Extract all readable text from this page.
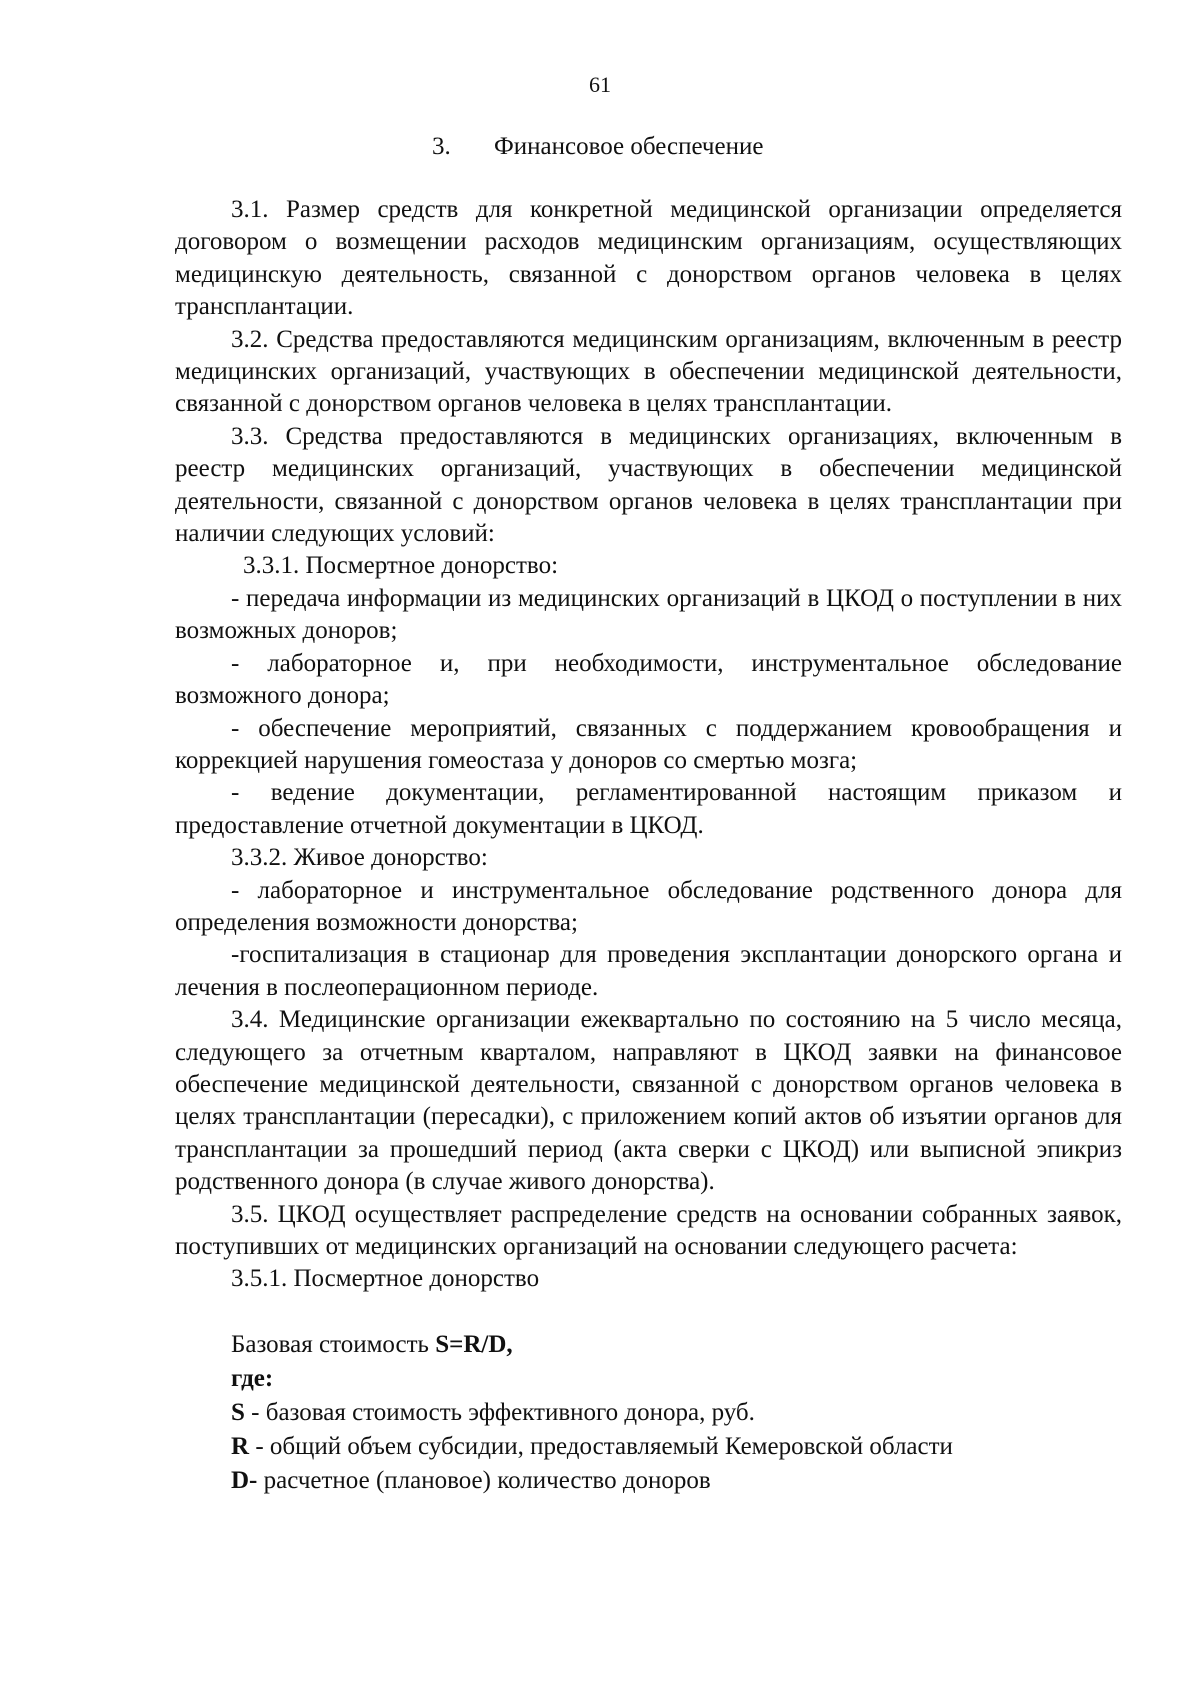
61
3. Финансовое обеспечение

3.1. Размер средств для конкретной медицинской организации определяется договором о возмещении расходов медицинским организациям, осуществляющих медицинскую деятельность, связанной с донорством органов человека в целях трансплантации.

3.2. Средства предоставляются медицинским организациям, включенным в реестр медицинских организаций, участвующих в обеспечении медицинской деятельности, связанной с донорством органов человека в целях трансплантации.

3.3. Средства предоставляются в медицинских организациях, включенным в реестр медицинских организаций, участвующих в обеспечении медицинской деятельности, связанной с донорством органов человека в целях трансплантации при наличии следующих условий:

3.3.1. Посмертное донорство:

- передача информации из медицинских организаций в ЦКОД о поступлении в них возможных доноров;

- лабораторное и, при необходимости, инструментальное обследование возможного донора;

- обеспечение мероприятий, связанных с поддержанием кровообращения и коррекцией нарушения гомеостаза у доноров со смертью мозга;

- ведение документации, регламентированной настоящим приказом и предоставление отчетной документации в ЦКОД.

3.3.2. Живое донорство:

- лабораторное и инструментальное обследование родственного донора для определения возможности донорства;

-госпитализация в стационар для проведения эксплантации донорского органа и лечения в послеоперационном периоде.

3.4. Медицинские организации ежеквартально по состоянию на 5 число месяца, следующего за отчетным кварталом, направляют в ЦКОД заявки на финансовое обеспечение медицинской деятельности, связанной с донорством органов человека в целях трансплантации (пересадки), с приложением копий актов об изъятии органов для трансплантации за прошедший период (акта сверки с ЦКОД) или выписной эпикриз родственного донора (в случае живого донорства).

3.5. ЦКОД осуществляет распределение средств на основании собранных заявок, поступивших от медицинских организаций на основании следующего расчета:

3.5.1. Посмертное донорство

Базовая стоимость S=R/D,

где:

S - базовая стоимость эффективного донора, руб.

R - общий объем субсидии, предоставляемый Кемеровской области

D- расчетное (плановое) количество доноров
